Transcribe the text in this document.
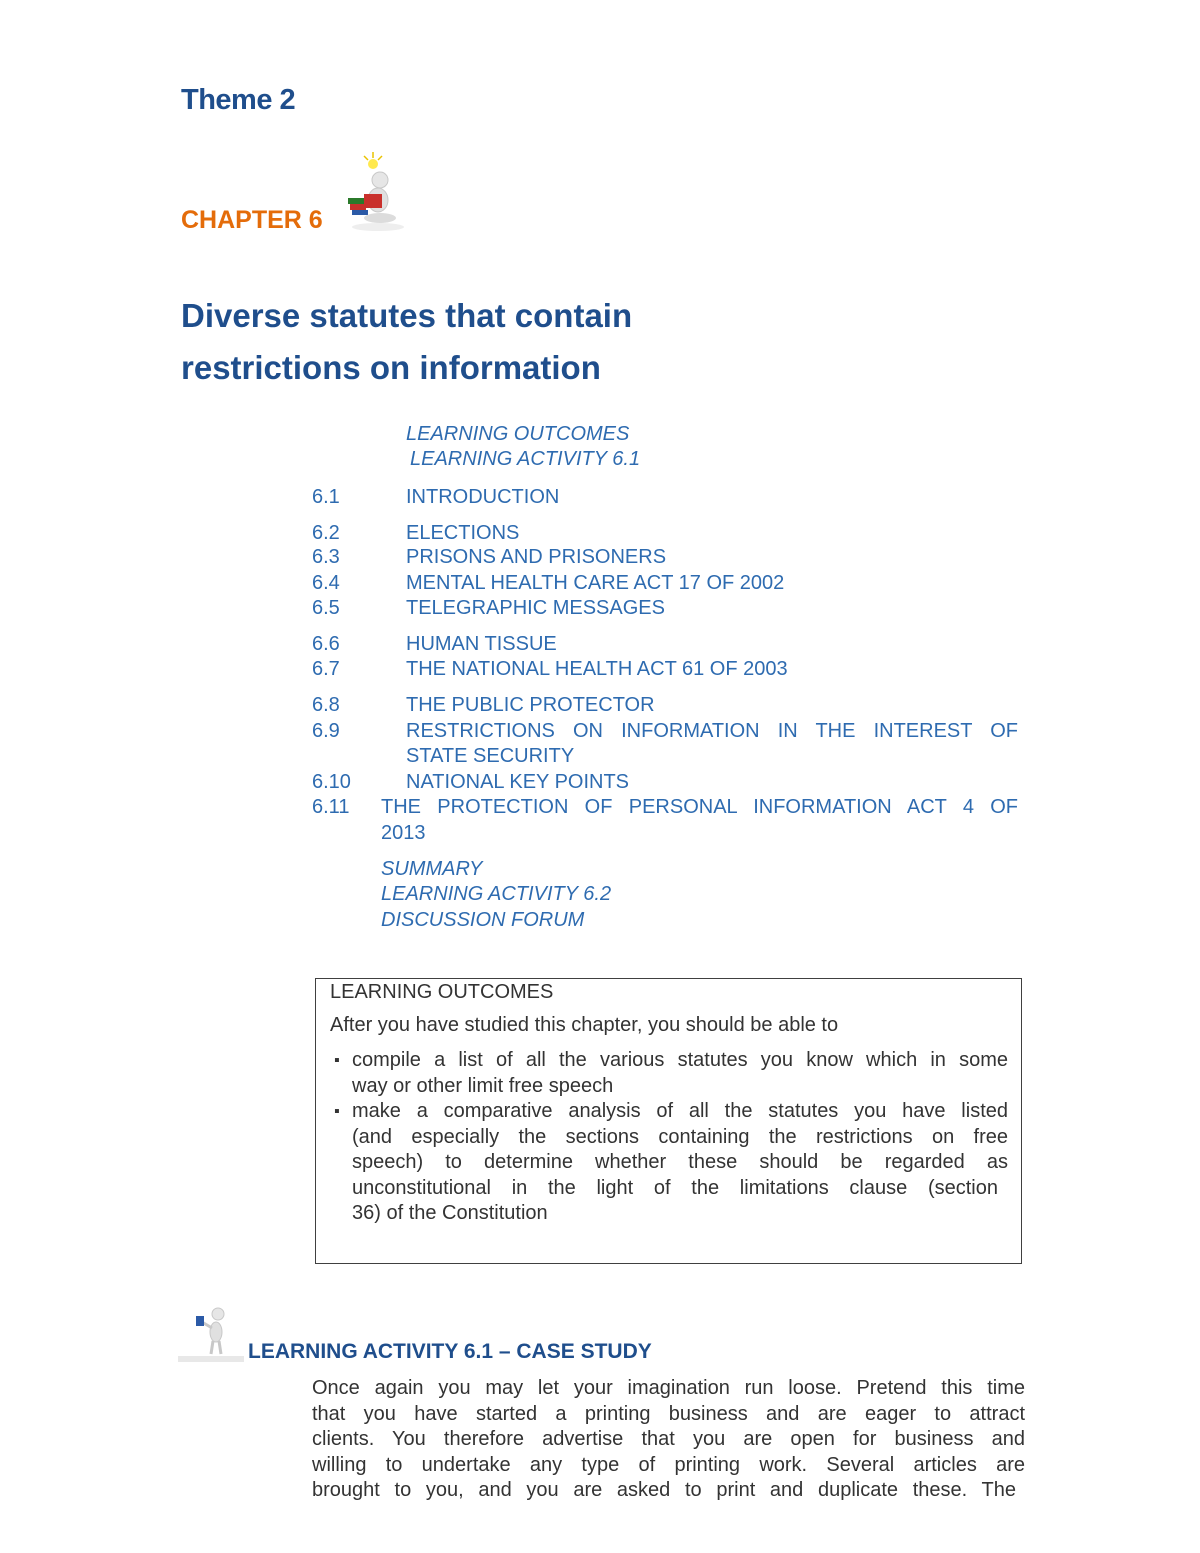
Theme 2
CHAPTER 6
Diverse statutes that contain
restrictions on information
LEARNING OUTCOMES
LEARNING ACTIVITY 6.1
6.1	INTRODUCTION
6.2	ELECTIONS
6.3	PRISONS AND PRISONERS
6.4	MENTAL HEALTH CARE ACT 17 OF 2002
6.5	TELEGRAPHIC MESSAGES
6.6	HUMAN TISSUE
6.7	THE NATIONAL HEALTH ACT 61 OF 2003
6.8	THE PUBLIC PROTECTOR
6.9	RESTRICTIONS ON INFORMATION IN THE INTEREST OF
STATE SECURITY
6.10	NATIONAL KEY POINTS
6.11 THE PROTECTION OF PERSONAL INFORMATION ACT 4 OF
2013
SUMMARY
LEARNING ACTIVITY 6.2
DISCUSSION FORUM
LEARNING OUTCOMES
After you have studied this chapter, you should be able to
▪ compile a list of all the various statutes you know which in some
way or other limit free speech
▪ make a comparative analysis of all the statutes you have listed
(and especially the sections containing the restrictions on free
speech) to determine whether these should be regarded as
unconstitutional in the light of the limitations clause (section
36) of the Constitution
LEARNING ACTIVITY 6.1 – CASE STUDY
Once again you may let your imagination run loose. Pretend this time
that you have started a printing business and are eager to attract
clients. You therefore advertise that you are open for business and
willing to undertake any type of printing work. Several articles are
brought to you, and you are asked to print and duplicate these. The
